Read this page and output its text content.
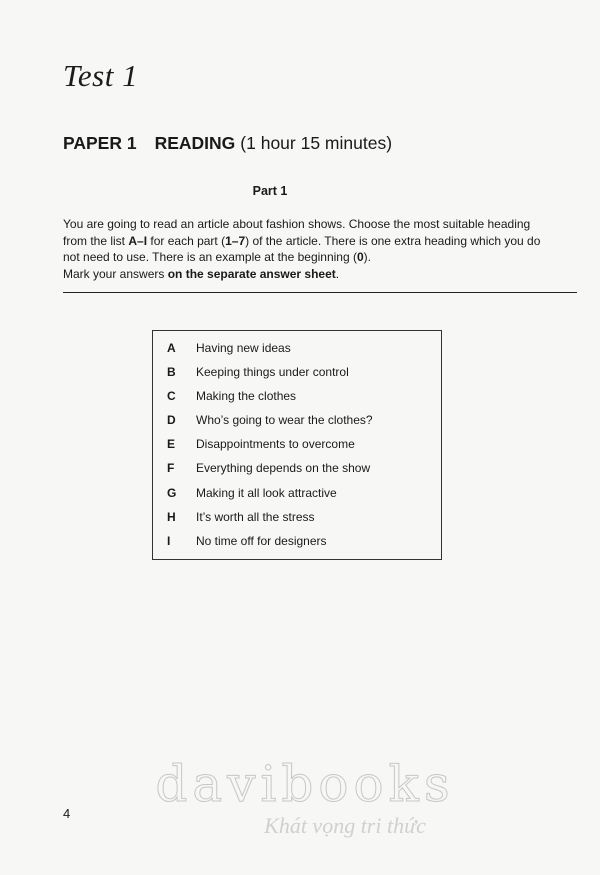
Test 1
PAPER 1 READING (1 hour 15 minutes)
Part 1

You are going to read an article about fashion shows. Choose the most suitable heading

from the list A–I for each part (1–7) of the article. There is one extra heading which you do

not need to use. There is an example at the beginning (0).

Mark your answers on the separate answer sheet.

A	Having new ideas
B	Keeping things under control
C	Making the clothes
D	Who’s going to wear the clothes?
E	Disappointments to overcome
F	Everything depends on the show
G	Making it all look attractive
H	It’s worth all the stress
I	No time off for designers
4
davibooks
Khát vọng tri thức
